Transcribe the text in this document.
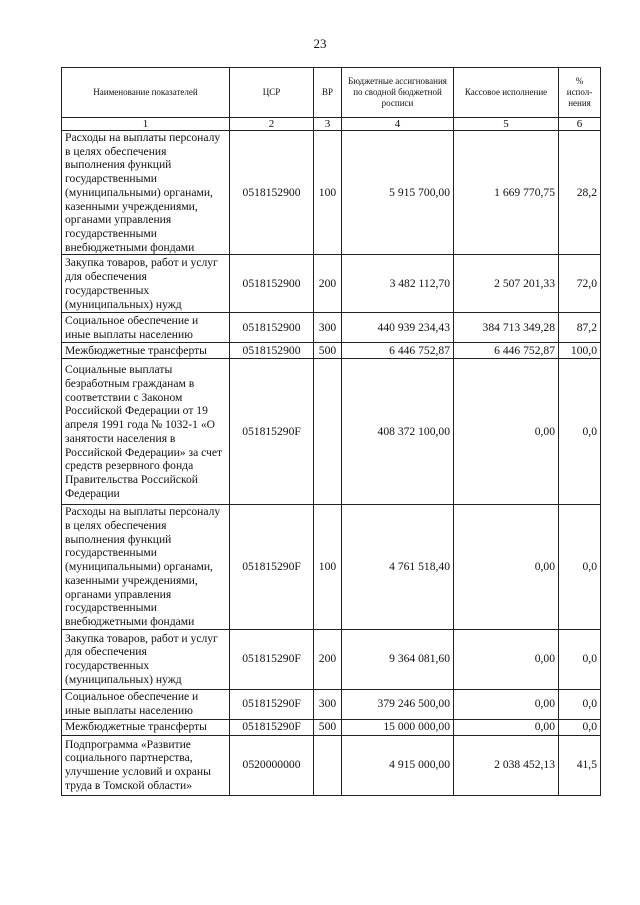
23
Наименование показателей	ЦСР	ВР	Бюджетные ассигнования по сводной бюджетной росписи	Кассовое исполнение	% испол-нения
1	2	3	4	5	6
Расходы на выплаты персоналу в целях обеспечения выполнения функций государственными (муниципальными) органами, казенными учреждениями, органами управления государственными внебюджетными фондами	0518152900	100	5 915 700,00	1 669 770,75	28,2
Закупка товаров, работ и услуг для обеспечения государственных (муниципальных) нужд	0518152900	200	3 482 112,70	2 507 201,33	72,0
Социальное обеспечение и иные выплаты населению	0518152900	300	440 939 234,43	384 713 349,28	87,2
Межбюджетные трансферты	0518152900	500	6 446 752,87	6 446 752,87	100,0
Социальные выплаты безработным гражданам в соответствии с Законом Российской Федерации от 19 апреля 1991 года № 1032-1 «О занятости населения в Российской Федерации» за счет средств резервного фонда Правительства Российской Федерации	051815290F		408 372 100,00	0,00	0,0
Расходы на выплаты персоналу в целях обеспечения выполнения функций государственными (муниципальными) органами, казенными учреждениями, органами управления государственными внебюджетными фондами	051815290F	100	4 761 518,40	0,00	0,0
Закупка товаров, работ и услуг для обеспечения государственных (муниципальных) нужд	051815290F	200	9 364 081,60	0,00	0,0
Социальное обеспечение и иные выплаты населению	051815290F	300	379 246 500,00	0,00	0,0
Межбюджетные трансферты	051815290F	500	15 000 000,00	0,00	0,0
Подпрограмма «Развитие социального партнерства, улучшение условий и охраны труда в Томской области»	0520000000		4 915 000,00	2 038 452,13	41,5
